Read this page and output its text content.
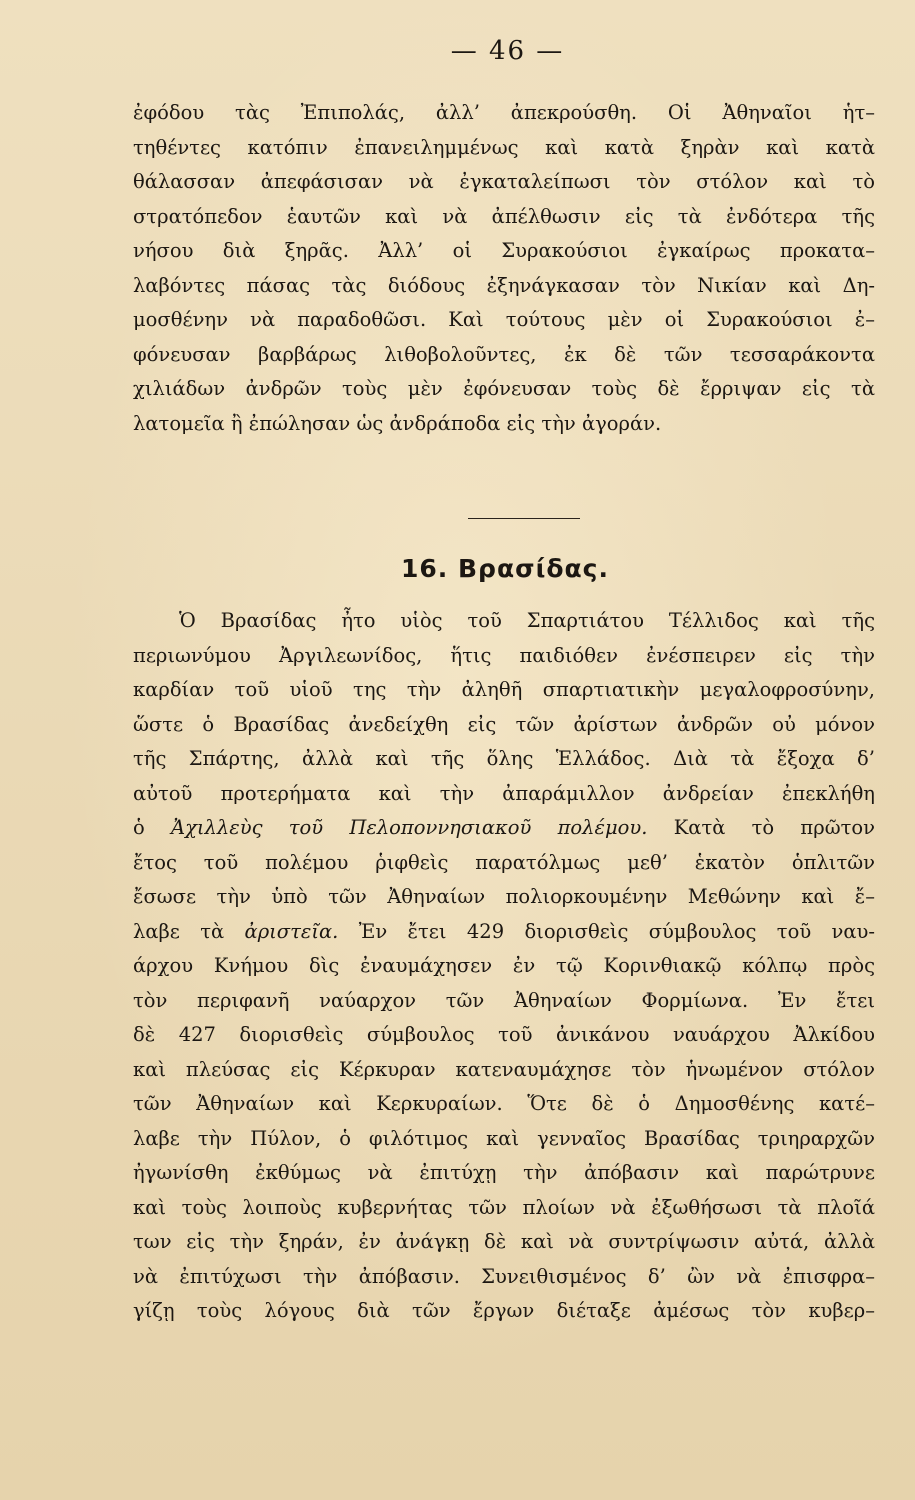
— 46 —
ἐφόδου τὰς Ἐπιπολάς, ἀλλ’ ἀπεκρούσθη. Οἱ Ἀθηναῖοι ἡτ–
τηθέντες κατόπιν ἐπανειλημμένως καὶ κατὰ ξηρὰν καὶ κατὰ
θάλασσαν ἀπεφάσισαν νὰ ἐγκαταλείπωσι τὸν στόλον καὶ τὸ
στρατόπεδον ἑαυτῶν καὶ νὰ ἀπέλθωσιν εἰς τὰ ἐνδότερα τῆς
νήσου διὰ ξηρᾶς. Ἀλλ’ οἱ Συρακούσιοι ἐγκαίρως προκατα–
λαβόντες πάσας τὰς διόδους ἐξηνάγκασαν τὸν Νικίαν καὶ Δη-
μοσθένην νὰ παραδοθῶσι. Καὶ τούτους μὲν οἱ Συρακούσιοι ἐ–
φόνευσαν βαρβάρως λιθοβολοῦντες, ἐκ δὲ τῶν τεσσαράκοντα
χιλιάδων ἀνδρῶν τοὺς μὲν ἐφόνευσαν τοὺς δὲ ἔρριψαν εἰς τὰ
λατομεῖα ἢ ἐπώλησαν ὡς ἀνδράποδα εἰς τὴν ἀγοράν.
16. Βρασίδας.
Ὁ Βρασίδας ἦτο υἱὸς τοῦ Σπαρτιάτου Τέλλιδος καὶ τῆς
περιωνύμου Ἀργιλεωνίδος, ἥτις παιδιόθεν ἐνέσπειρεν εἰς τὴν
καρδίαν τοῦ υἱοῦ της τὴν ἀληθῆ σπαρτιατικὴν μεγαλοφροσύνην,
ὥστε ὁ Βρασίδας ἀνεδείχθη εἰς τῶν ἀρίστων ἀνδρῶν οὐ μόνον
τῆς Σπάρτης, ἀλλὰ καὶ τῆς ὅλης Ἑλλάδος. Διὰ τὰ ἔξοχα δ’
αὐτοῦ προτερήματα καὶ τὴν ἀπαράμιλλον ἀνδρείαν ἐπεκλήθη
ὁ Ἀχιλλεὺς τοῦ Πελοποννησιακοῦ πολέμου. Κατὰ τὸ πρῶτον
ἔτος τοῦ πολέμου ῥιφθεὶς παρατόλμως μεθ’ ἑκατὸν ὁπλιτῶν
ἔσωσε τὴν ὑπὸ τῶν Ἀθηναίων πολιορκουμένην Μεθώνην καὶ ἔ–
λαβε τὰ ἀριστεῖα. Ἐν ἔτει 429 διορισθεὶς σύμβουλος τοῦ ναυ-
άρχου Κνήμου δὶς ἐναυμάχησεν ἐν τῷ Κορινθιακῷ κόλπῳ πρὸς
τὸν περιφανῆ ναύαρχον τῶν Ἀθηναίων Φορμίωνα. Ἐν ἔτει
δὲ 427 διορισθεὶς σύμβουλος τοῦ ἀνικάνου ναυάρχου Ἀλκίδου
καὶ πλεύσας εἰς Κέρκυραν κατεναυμάχησε τὸν ἡνωμένον στόλον
τῶν Ἀθηναίων καὶ Κερκυραίων. Ὅτε δὲ ὁ Δημοσθένης κατέ–
λαβε τὴν Πύλον, ὁ φιλότιμος καὶ γενναῖος Βρασίδας τριηραρχῶν
ἠγωνίσθη ἐκθύμως νὰ ἐπιτύχῃ τὴν ἀπόβασιν καὶ παρώτρυνε
καὶ τοὺς λοιποὺς κυβερνήτας τῶν πλοίων νὰ ἐξωθήσωσι τὰ πλοῖά
των εἰς τὴν ξηράν, ἐν ἀνάγκῃ δὲ καὶ νὰ συντρίψωσιν αὐτά, ἀλλὰ
νὰ ἐπιτύχωσι τὴν ἀπόβασιν. Συνειθισμένος δ’ ὢν νὰ ἐπισφρα–
γίζῃ τοὺς λόγους διὰ τῶν ἔργων διέταξε ἀμέσως τὸν κυβερ–
